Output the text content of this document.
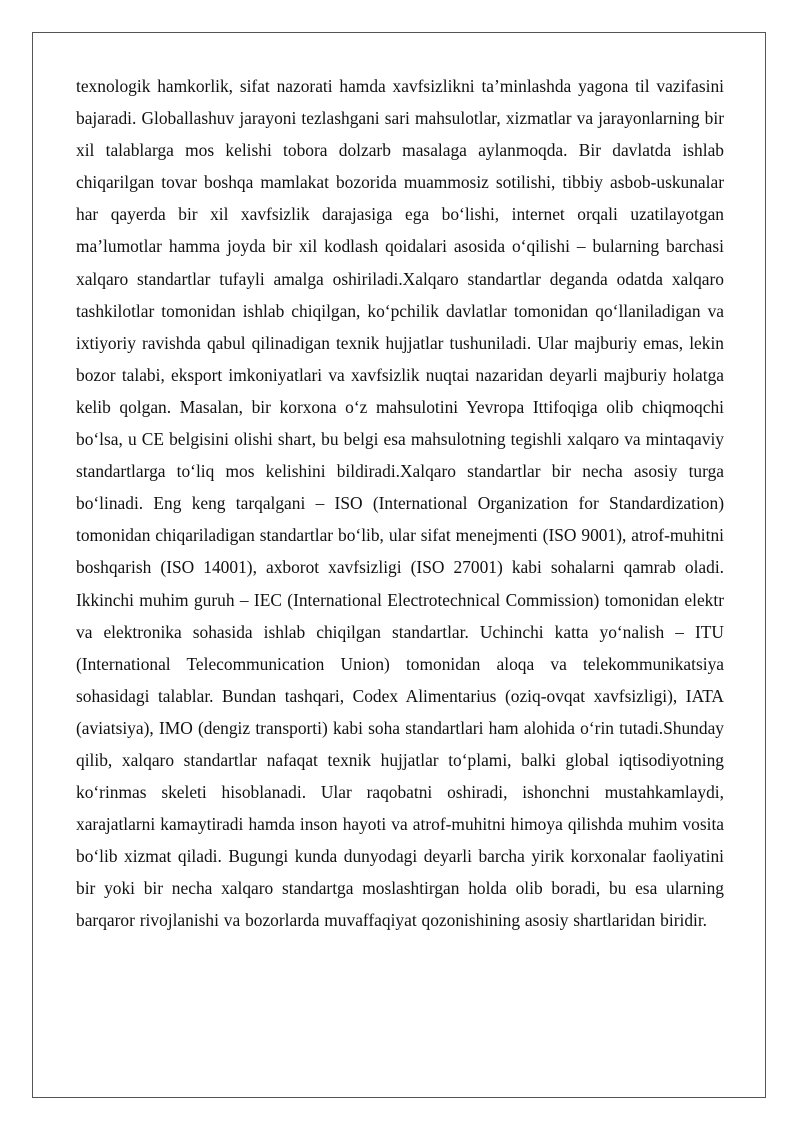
texnologik hamkorlik, sifat nazorati hamda xavfsizlikni ta’minlashda yagona til vazifasini bajaradi. Globallashuv jarayoni tezlashgani sari mahsulotlar, xizmatlar va jarayonlarning bir xil talablarga mos kelishi tobora dolzarb masalaga aylanmoqda. Bir davlatda ishlab chiqarilgan tovar boshqa mamlakat bozorida muammosiz sotilishi, tibbiy asbob-uskunalar har qayerda bir xil xavfsizlik darajasiga ega bo‘lishi, internet orqali uzatilayotgan ma’lumotlar hamma joyda bir xil kodlash qoidalari asosida o‘qilishi – bularning barchasi xalqaro standartlar tufayli amalga oshiriladi.Xalqaro standartlar deganda odatda xalqaro tashkilotlar tomonidan ishlab chiqilgan, ko‘pchilik davlatlar tomonidan qo‘llaniladigan va ixtiyoriy ravishda qabul qilinadigan texnik hujjatlar tushuniladi. Ular majburiy emas, lekin bozor talabi, eksport imkoniyatlari va xavfsizlik nuqtai nazaridan deyarli majburiy holatga kelib qolgan. Masalan, bir korxona o‘z mahsulotini Yevropa Ittifoqiga olib chiqmoqchi bo‘lsa, u CE belgisini olishi shart, bu belgi esa mahsulotning tegishli xalqaro va mintaqaviy standartlarga to‘liq mos kelishini bildiradi.Xalqaro standartlar bir necha asosiy turga bo‘linadi. Eng keng tarqalgani – ISO (International Organization for Standardization) tomonidan chiqariladigan standartlar bo‘lib, ular sifat menejmenti (ISO 9001), atrof-muhitni boshqarish (ISO 14001), axborot xavfsizligi (ISO 27001) kabi sohalarni qamrab oladi. Ikkinchi muhim guruh – IEC (International Electrotechnical Commission) tomonidan elektr va elektronika sohasida ishlab chiqilgan standartlar. Uchinchi katta yo‘nalish – ITU (International Telecommunication Union) tomonidan aloqa va telekommunikatsiya sohasidagi talablar. Bundan tashqari, Codex Alimentarius (oziq-ovqat xavfsizligi), IATA (aviatsiya), IMO (dengiz transporti) kabi soha standartlari ham alohida o‘rin tutadi.Shunday qilib, xalqaro standartlar nafaqat texnik hujjatlar to‘plami, balki global iqtisodiyotning ko‘rinmas skeleti hisoblanadi. Ular raqobatni oshiradi, ishonchni mustahkamlaydi, xarajatlarni kamaytiradi hamda inson hayoti va atrof-muhitni himoya qilishda muhim vosita bo‘lib xizmat qiladi. Bugungi kunda dunyodagi deyarli barcha yirik korxonalar faoliyatini bir yoki bir necha xalqaro standartga moslashtirgan holda olib boradi, bu esa ularning barqaror rivojlanishi va bozorlarda muvaffaqiyat qozonishining asosiy shartlaridan biridir.
